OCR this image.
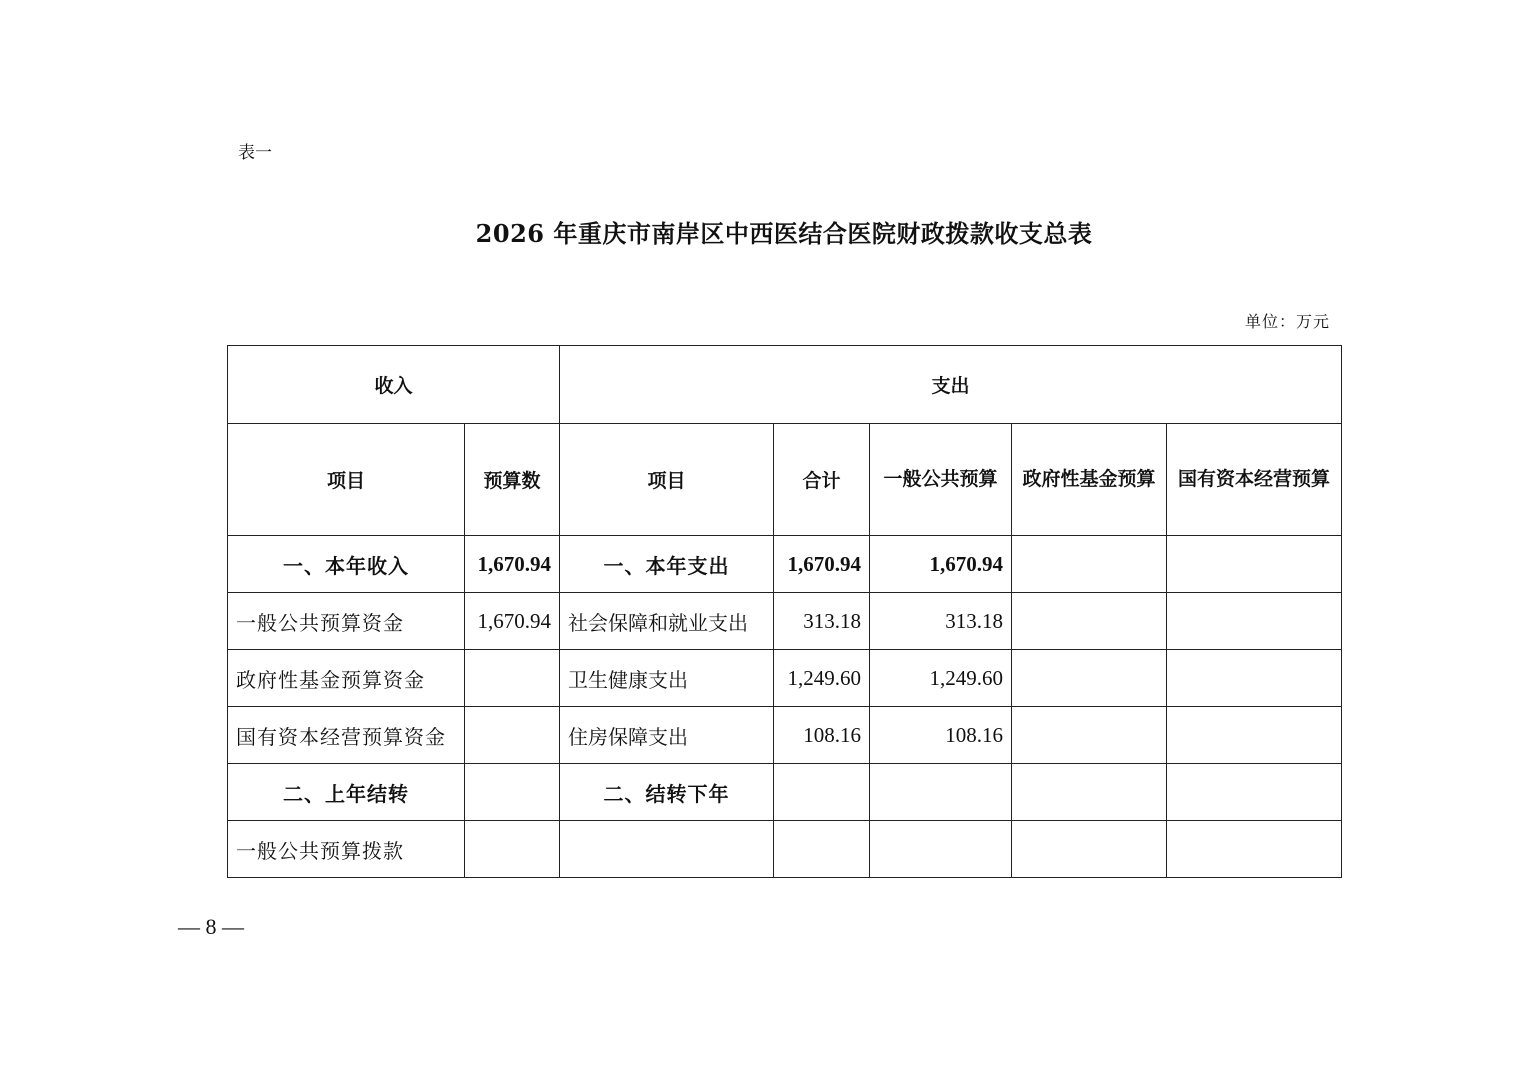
表一
2026 年重庆市南岸区中西医结合医院财政拨款收支总表
单位：万元
收入		支出				
项目	预算数	项目	合计	一般公共预算	政府性基金预算	国有资本经营预算
一、本年收入	1,670.94	一、本年支出	1,670.94	1,670.94		
一般公共预算资金	1,670.94	社会保障和就业支出	313.18	313.18		
政府性基金预算资金		卫生健康支出	1,249.60	1,249.60		
国有资本经营预算资金		住房保障支出	108.16	108.16		
二、上年结转		二、结转下年				
一般公共预算拨款						
— 8 —
